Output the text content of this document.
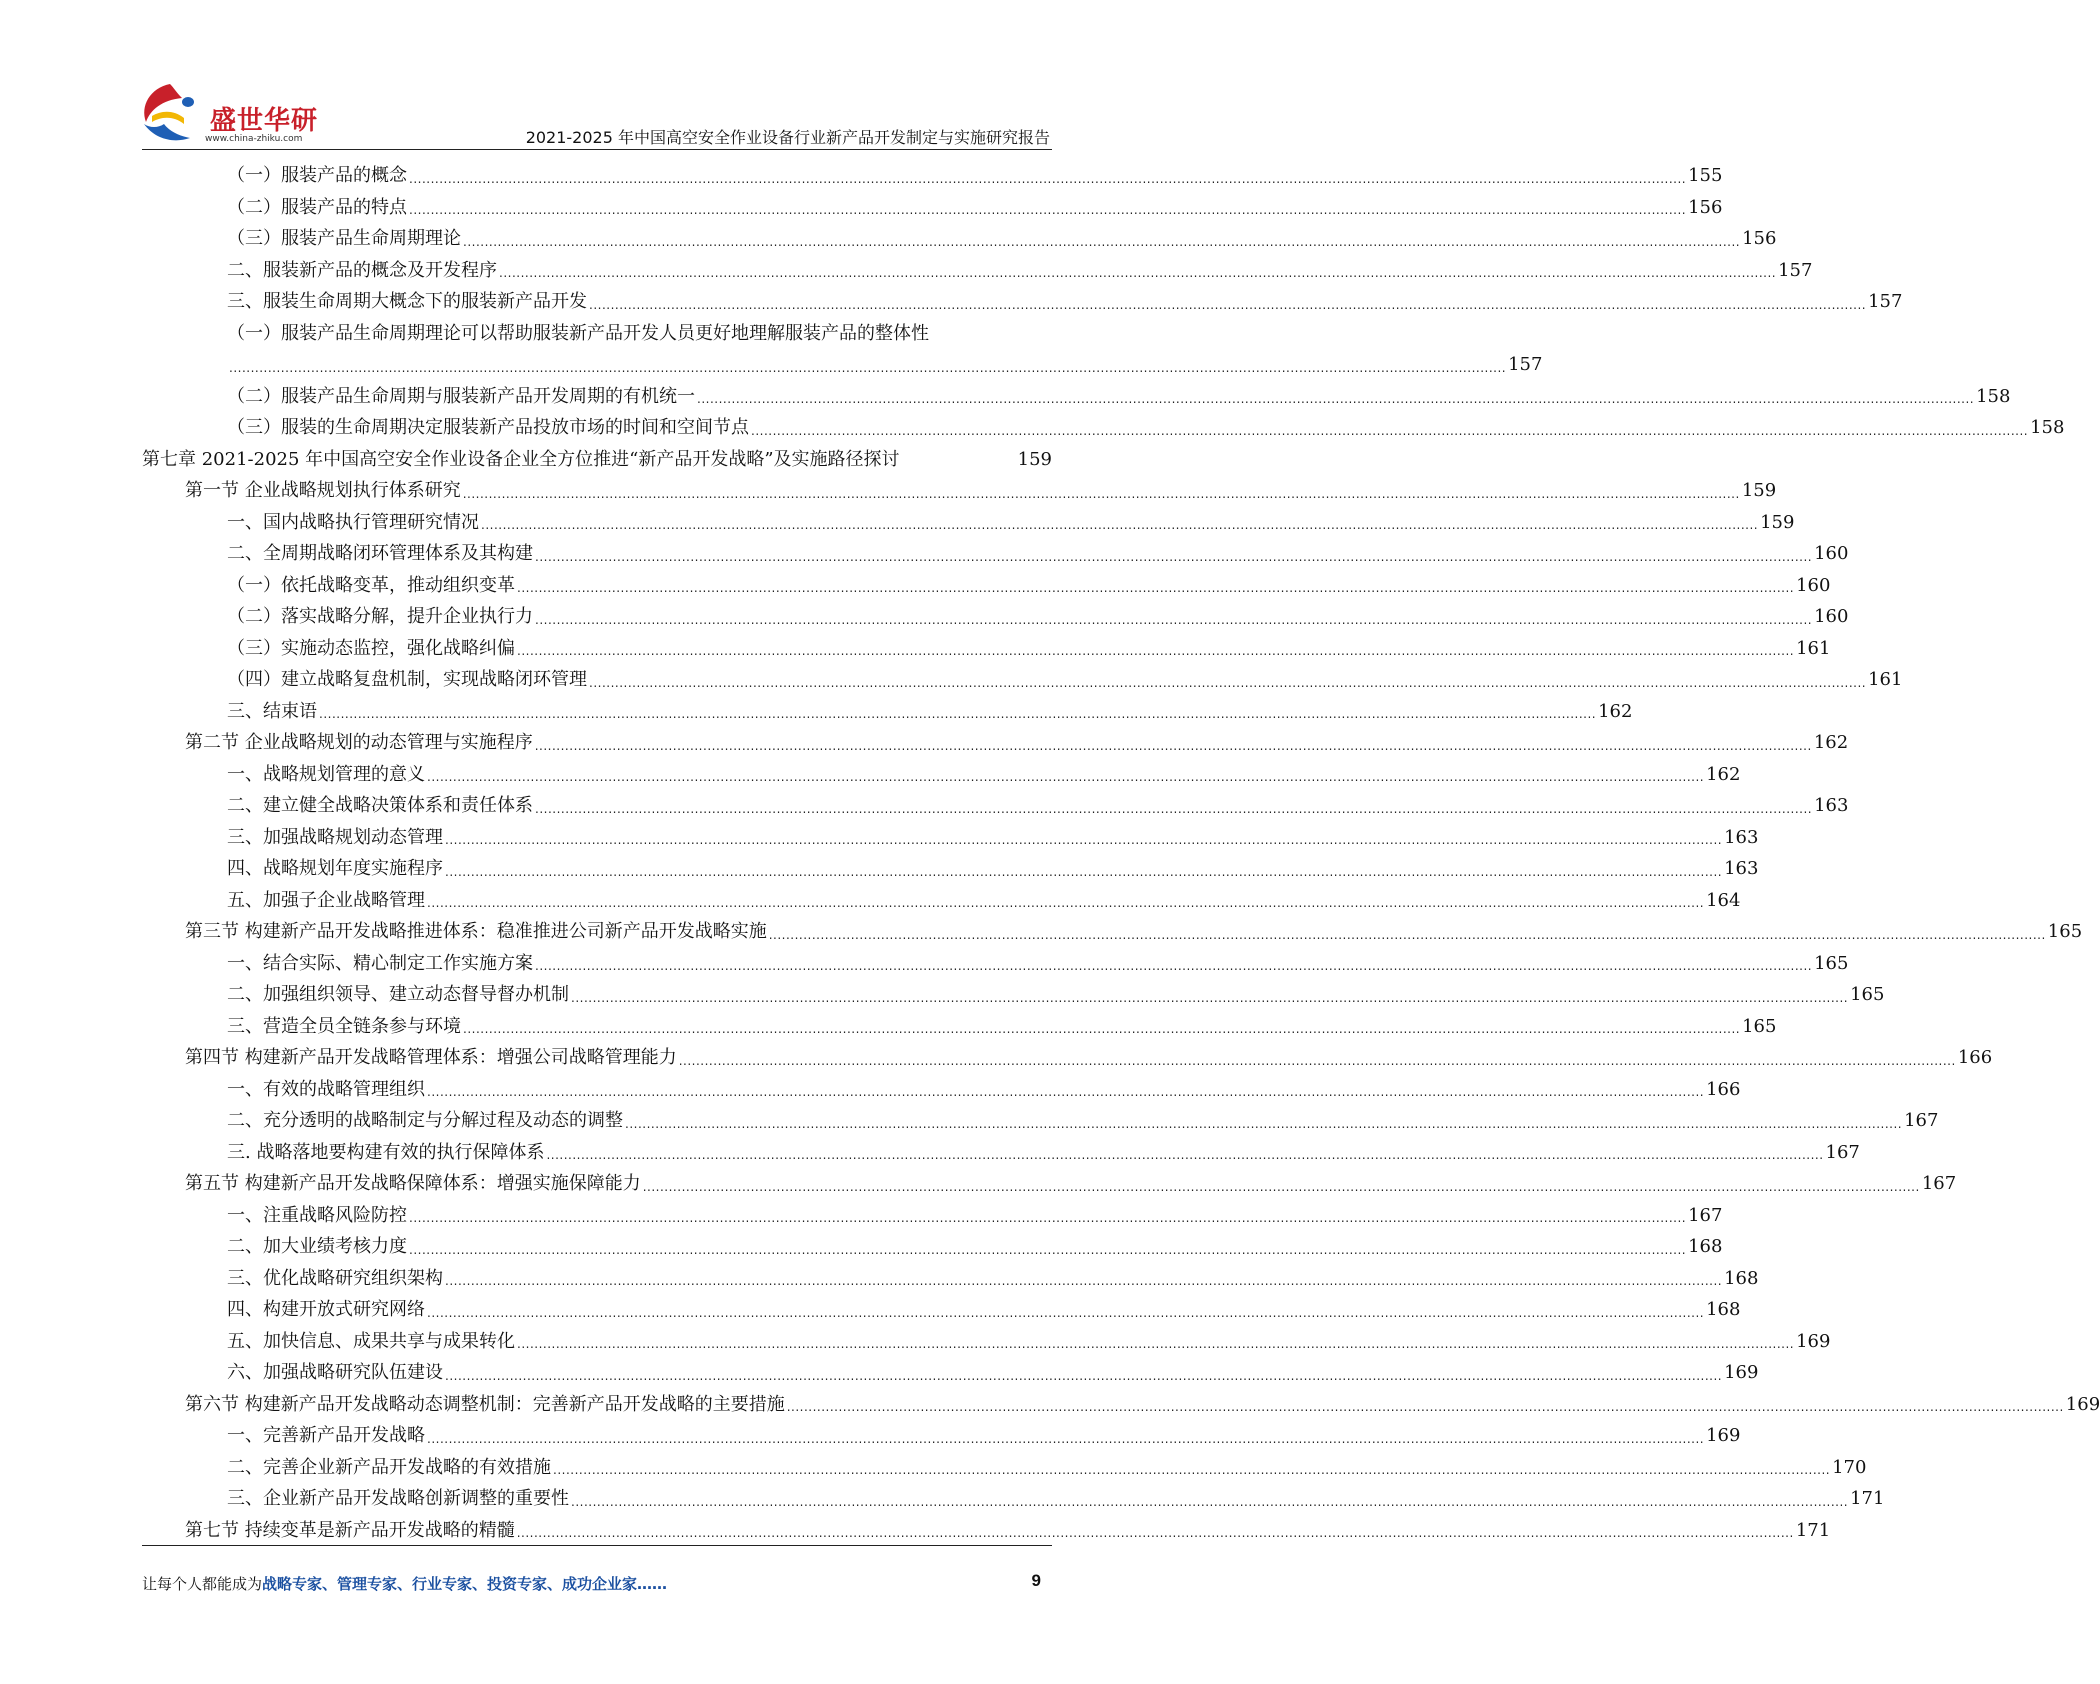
盛世华研
www.china-zhiku.com	2021-2025 年中国高空安全作业设备行业新产品开发制定与实施研究报告
（一）服装产品的概念 .....	155
（二）服装产品的特点 .....	156
（三）服装产品生命周期理论 .....	156
二、服装新产品的概念及开发程序 .....	157
三、服装生命周期大概念下的服装新产品开发 .....	157
（一）服装产品生命周期理论可以帮助服装新产品开发人员更好地理解服装产品的整体性
.....
157
（二）服装产品生命周期与服装新产品开发周期的有机统一 .....	158
（三）服装的生命周期决定服装新产品投放市场的时间和空间节点 .....	158
第七章 2021-2025 年中国高空安全作业设备企业全方位推进“新产品开发战略”及实施路径探讨	159
第一节 企业战略规划执行体系研究 .....	159
一、国内战略执行管理研究情况 .....	159
二、全周期战略闭环管理体系及其构建 .....	160
（一）依托战略变革，推动组织变革 .....	160
（二）落实战略分解，提升企业执行力 .....	160
（三）实施动态监控，强化战略纠偏 .....	161
（四）建立战略复盘机制，实现战略闭环管理 .....	161
三、结束语 .....	162
第二节 企业战略规划的动态管理与实施程序 .....	162
一、战略规划管理的意义 .....	162
二、建立健全战略决策体系和责任体系 .....	163
三、加强战略规划动态管理 .....	163
四、战略规划年度实施程序 .....	163
五、加强子企业战略管理 .....	164
第三节 构建新产品开发战略推进体系：稳准推进公司新产品开发战略实施 .....	165
一、结合实际、精心制定工作实施方案 .....	165
二、加强组织领导、建立动态督导督办机制 .....	165
三、营造全员全链条参与环境 .....	165
第四节 构建新产品开发战略管理体系：增强公司战略管理能力 .....	166
一、有效的战略管理组织 .....	166
二、充分透明的战略制定与分解过程及动态的调整 .....	167
三. 战略落地要构建有效的执行保障体系 .....	167
第五节 构建新产品开发战略保障体系：增强实施保障能力 .....	167
一、注重战略风险防控 .....	167
二、加大业绩考核力度 .....	168
三、优化战略研究组织架构 .....	168
四、构建开放式研究网络 .....	168
五、加快信息、成果共享与成果转化 .....	169
六、加强战略研究队伍建设 .....	169
第六节 构建新产品开发战略动态调整机制：完善新产品开发战略的主要措施 .....	169
一、完善新产品开发战略 .....	169
二、完善企业新产品开发战略的有效措施 .....	170
三、企业新产品开发战略创新调整的重要性 .....	171
第七节 持续变革是新产品开发战略的精髓 .....	171
让每个人都能成为战略专家、管理专家、行业专家、投资专家、成功企业家……	9
